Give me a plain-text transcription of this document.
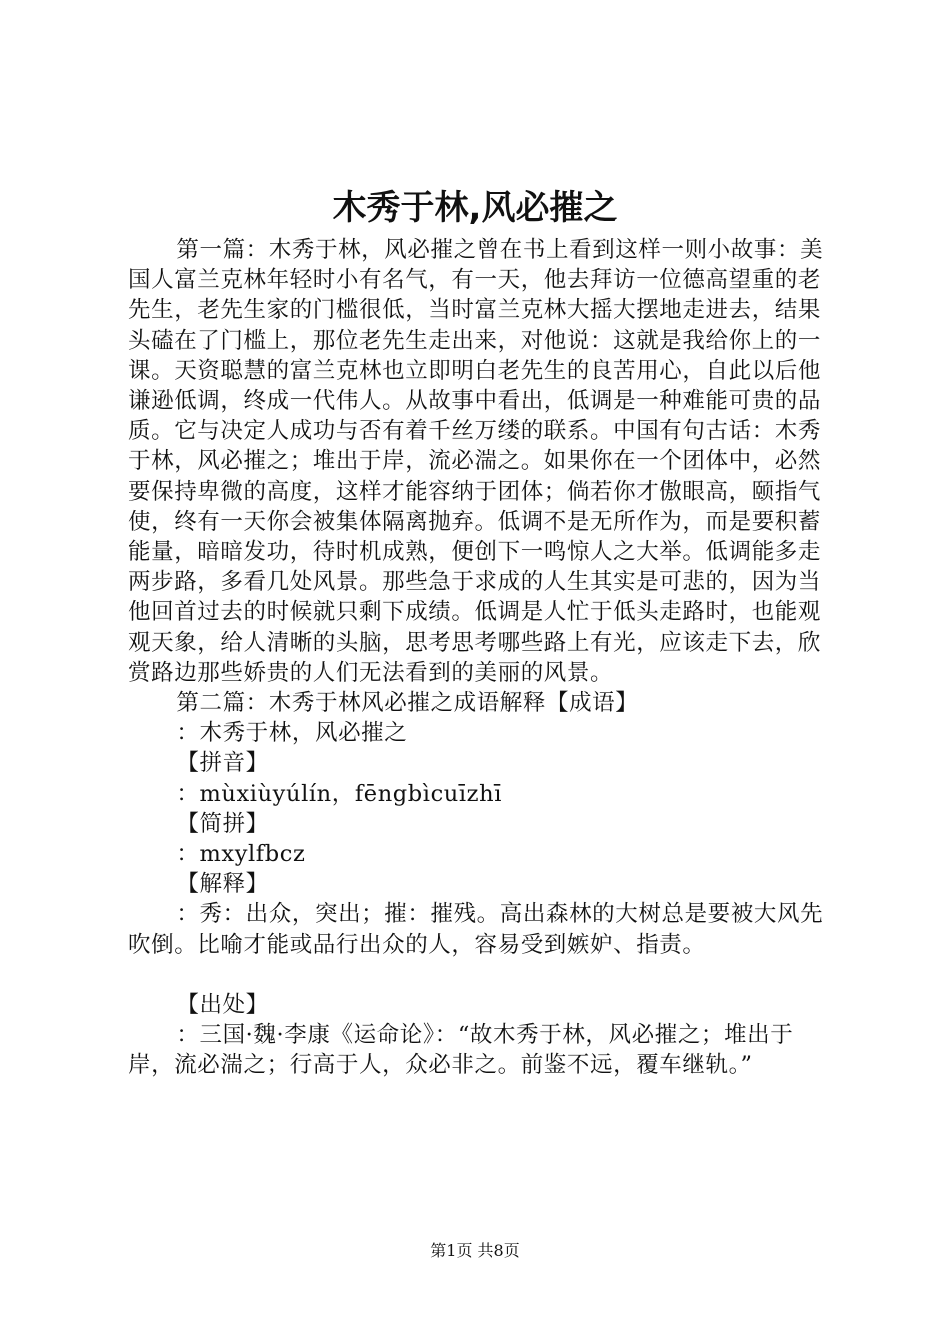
木秀于林,风必摧之

第一篇：木秀于林，风必摧之曾在书上看到这样一则小故事：美国人富兰克林年轻时小有名气，有一天，他去拜访一位德高望重的老先生，老先生家的门槛很低，当时富兰克林大摇大摆地走进去，结果头磕在了门槛上，那位老先生走出来，对他说：这就是我给你上的一课。天资聪慧的富兰克林也立即明白老先生的良苦用心，自此以后他谦逊低调，终成一代伟人。从故事中看出，低调是一种难能可贵的品质。它与决定人成功与否有着千丝万缕的联系。中国有句古话：木秀于林，风必摧之；堆出于岸，流必湍之。如果你在一个团体中，必然要保持卑微的高度，这样才能容纳于团体；倘若你才傲眼高，颐指气使，终有一天你会被集体隔离抛弃。低调不是无所作为，而是要积蓄能量，暗暗发功，待时机成熟，便创下一鸣惊人之大举。低调能多走两步路，多看几处风景。那些急于求成的人生其实是可悲的，因为当他回首过去的时候就只剩下成绩。低调是人忙于低头走路时，也能观观天象，给人清晰的头脑，思考思考哪些路上有光，应该走下去，欣赏路边那些娇贵的人们无法看到的美丽的风景。

第二篇：木秀于林风必摧之成语解释【成语】

：木秀于林，风必摧之

【拼音】

：mùxiùyúlín，fēngbìcuīzhī

【简拼】

：mxylfbcz

【解释】

：秀：出众，突出；摧：摧残。高出森林的大树总是要被大风先吹倒。比喻才能或品行出众的人，容易受到嫉妒、指责。

【出处】

：三国·魏·李康《运命论》：“故木秀于林，风必摧之；堆出于岸，流必湍之；行高于人，众必非之。前鉴不远，覆车继轨。”

第1页 共8页
